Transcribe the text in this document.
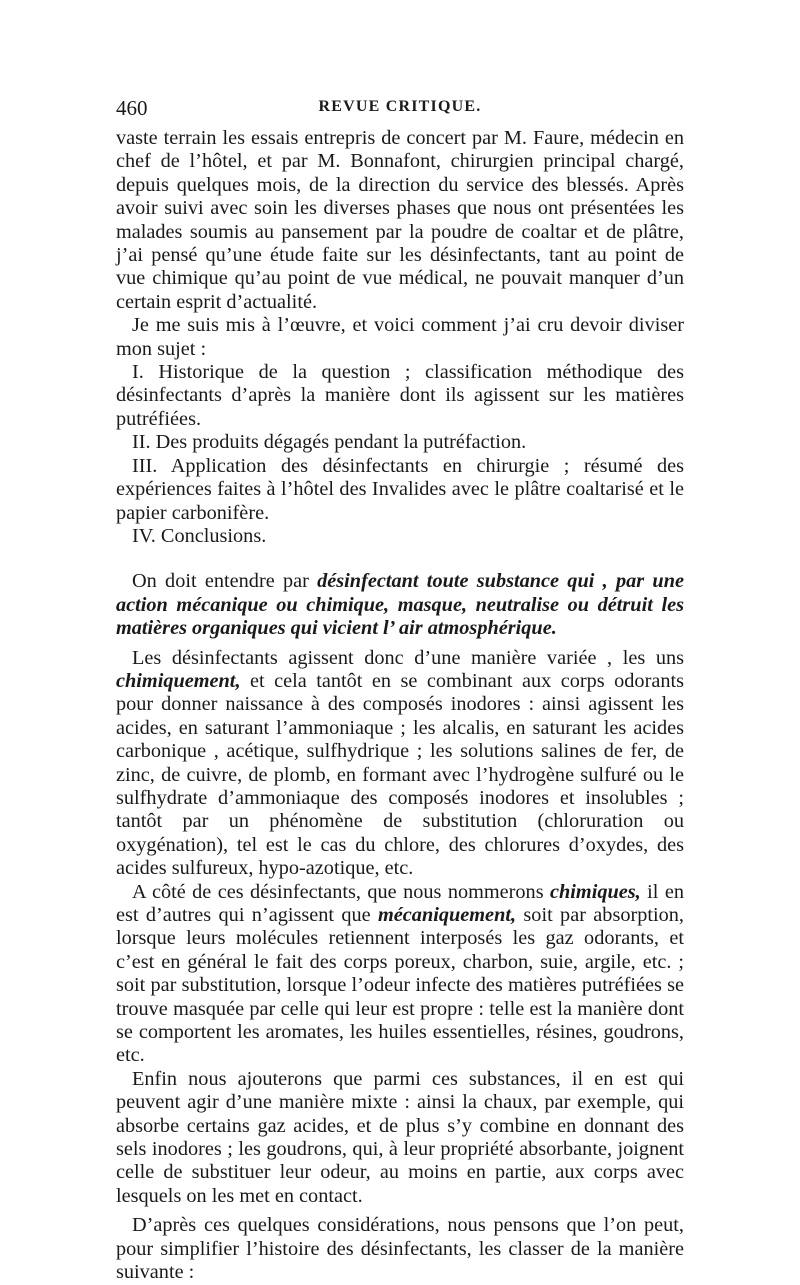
460	REVUE CRITIQUE.

vaste terrain les essais entrepris de concert par M. Faure, médecin en chef de l’hôtel, et par M. Bonnafont, chirurgien principal chargé, depuis quelques mois, de la direction du service des blessés. Après avoir suivi avec soin les diverses phases que nous ont présentées les malades soumis au pansement par la poudre de coaltar et de plâtre, j’ai pensé qu’une étude faite sur les désinfectants, tant au point de vue chimique qu’au point de vue médical, ne pouvait manquer d’un certain esprit d’actualité.

Je me suis mis à l’œuvre, et voici comment j’ai cru devoir diviser mon sujet :

I. Historique de la question ; classification méthodique des désinfectants d’après la manière dont ils agissent sur les matières putréfiées.

II. Des produits dégagés pendant la putréfaction.

III. Application des désinfectants en chirurgie ; résumé des expériences faites à l’hôtel des Invalides avec le plâtre coaltarisé et le papier carbonifère.

IV. Conclusions.

On doit entendre par désinfectant toute substance qui , par une action mécanique ou chimique, masque, neutralise ou détruit les matières organiques qui vicient l’ air atmosphérique.

Les désinfectants agissent donc d’une manière variée , les uns chimiquement, et cela tantôt en se combinant aux corps odorants pour donner naissance à des composés inodores : ainsi agissent les acides, en saturant l’ammoniaque ; les alcalis, en saturant les acides carbonique , acétique, sulfhydrique ; les solutions salines de fer, de zinc, de cuivre, de plomb, en formant avec l’hydrogène sulfuré ou le sulfhydrate d’ammoniaque des composés inodores et insolubles ; tantôt par un phénomène de substitution (chloruration ou oxygénation), tel est le cas du chlore, des chlorures d’oxydes, des acides sulfureux, hypo-azotique, etc.

A côté de ces désinfectants, que nous nommerons chimiques, il en est d’autres qui n’agissent que mécaniquement, soit par absorption, lorsque leurs molécules retiennent interposés les gaz odorants, et c’est en général le fait des corps poreux, charbon, suie, argile, etc. ; soit par substitution, lorsque l’odeur infecte des matières putréfiées se trouve masquée par celle qui leur est propre : telle est la manière dont se comportent les aromates, les huiles essentielles, résines, goudrons, etc.

Enfin nous ajouterons que parmi ces substances, il en est qui peuvent agir d’une manière mixte : ainsi la chaux, par exemple, qui absorbe certains gaz acides, et de plus s’y combine en donnant des sels inodores ; les goudrons, qui, à leur propriété absorbante, joignent celle de substituer leur odeur, au moins en partie, aux corps avec lesquels on les met en contact.

D’après ces quelques considérations, nous pensons que l’on peut, pour simplifier l’histoire des désinfectants, les classer de la manière suivante :
